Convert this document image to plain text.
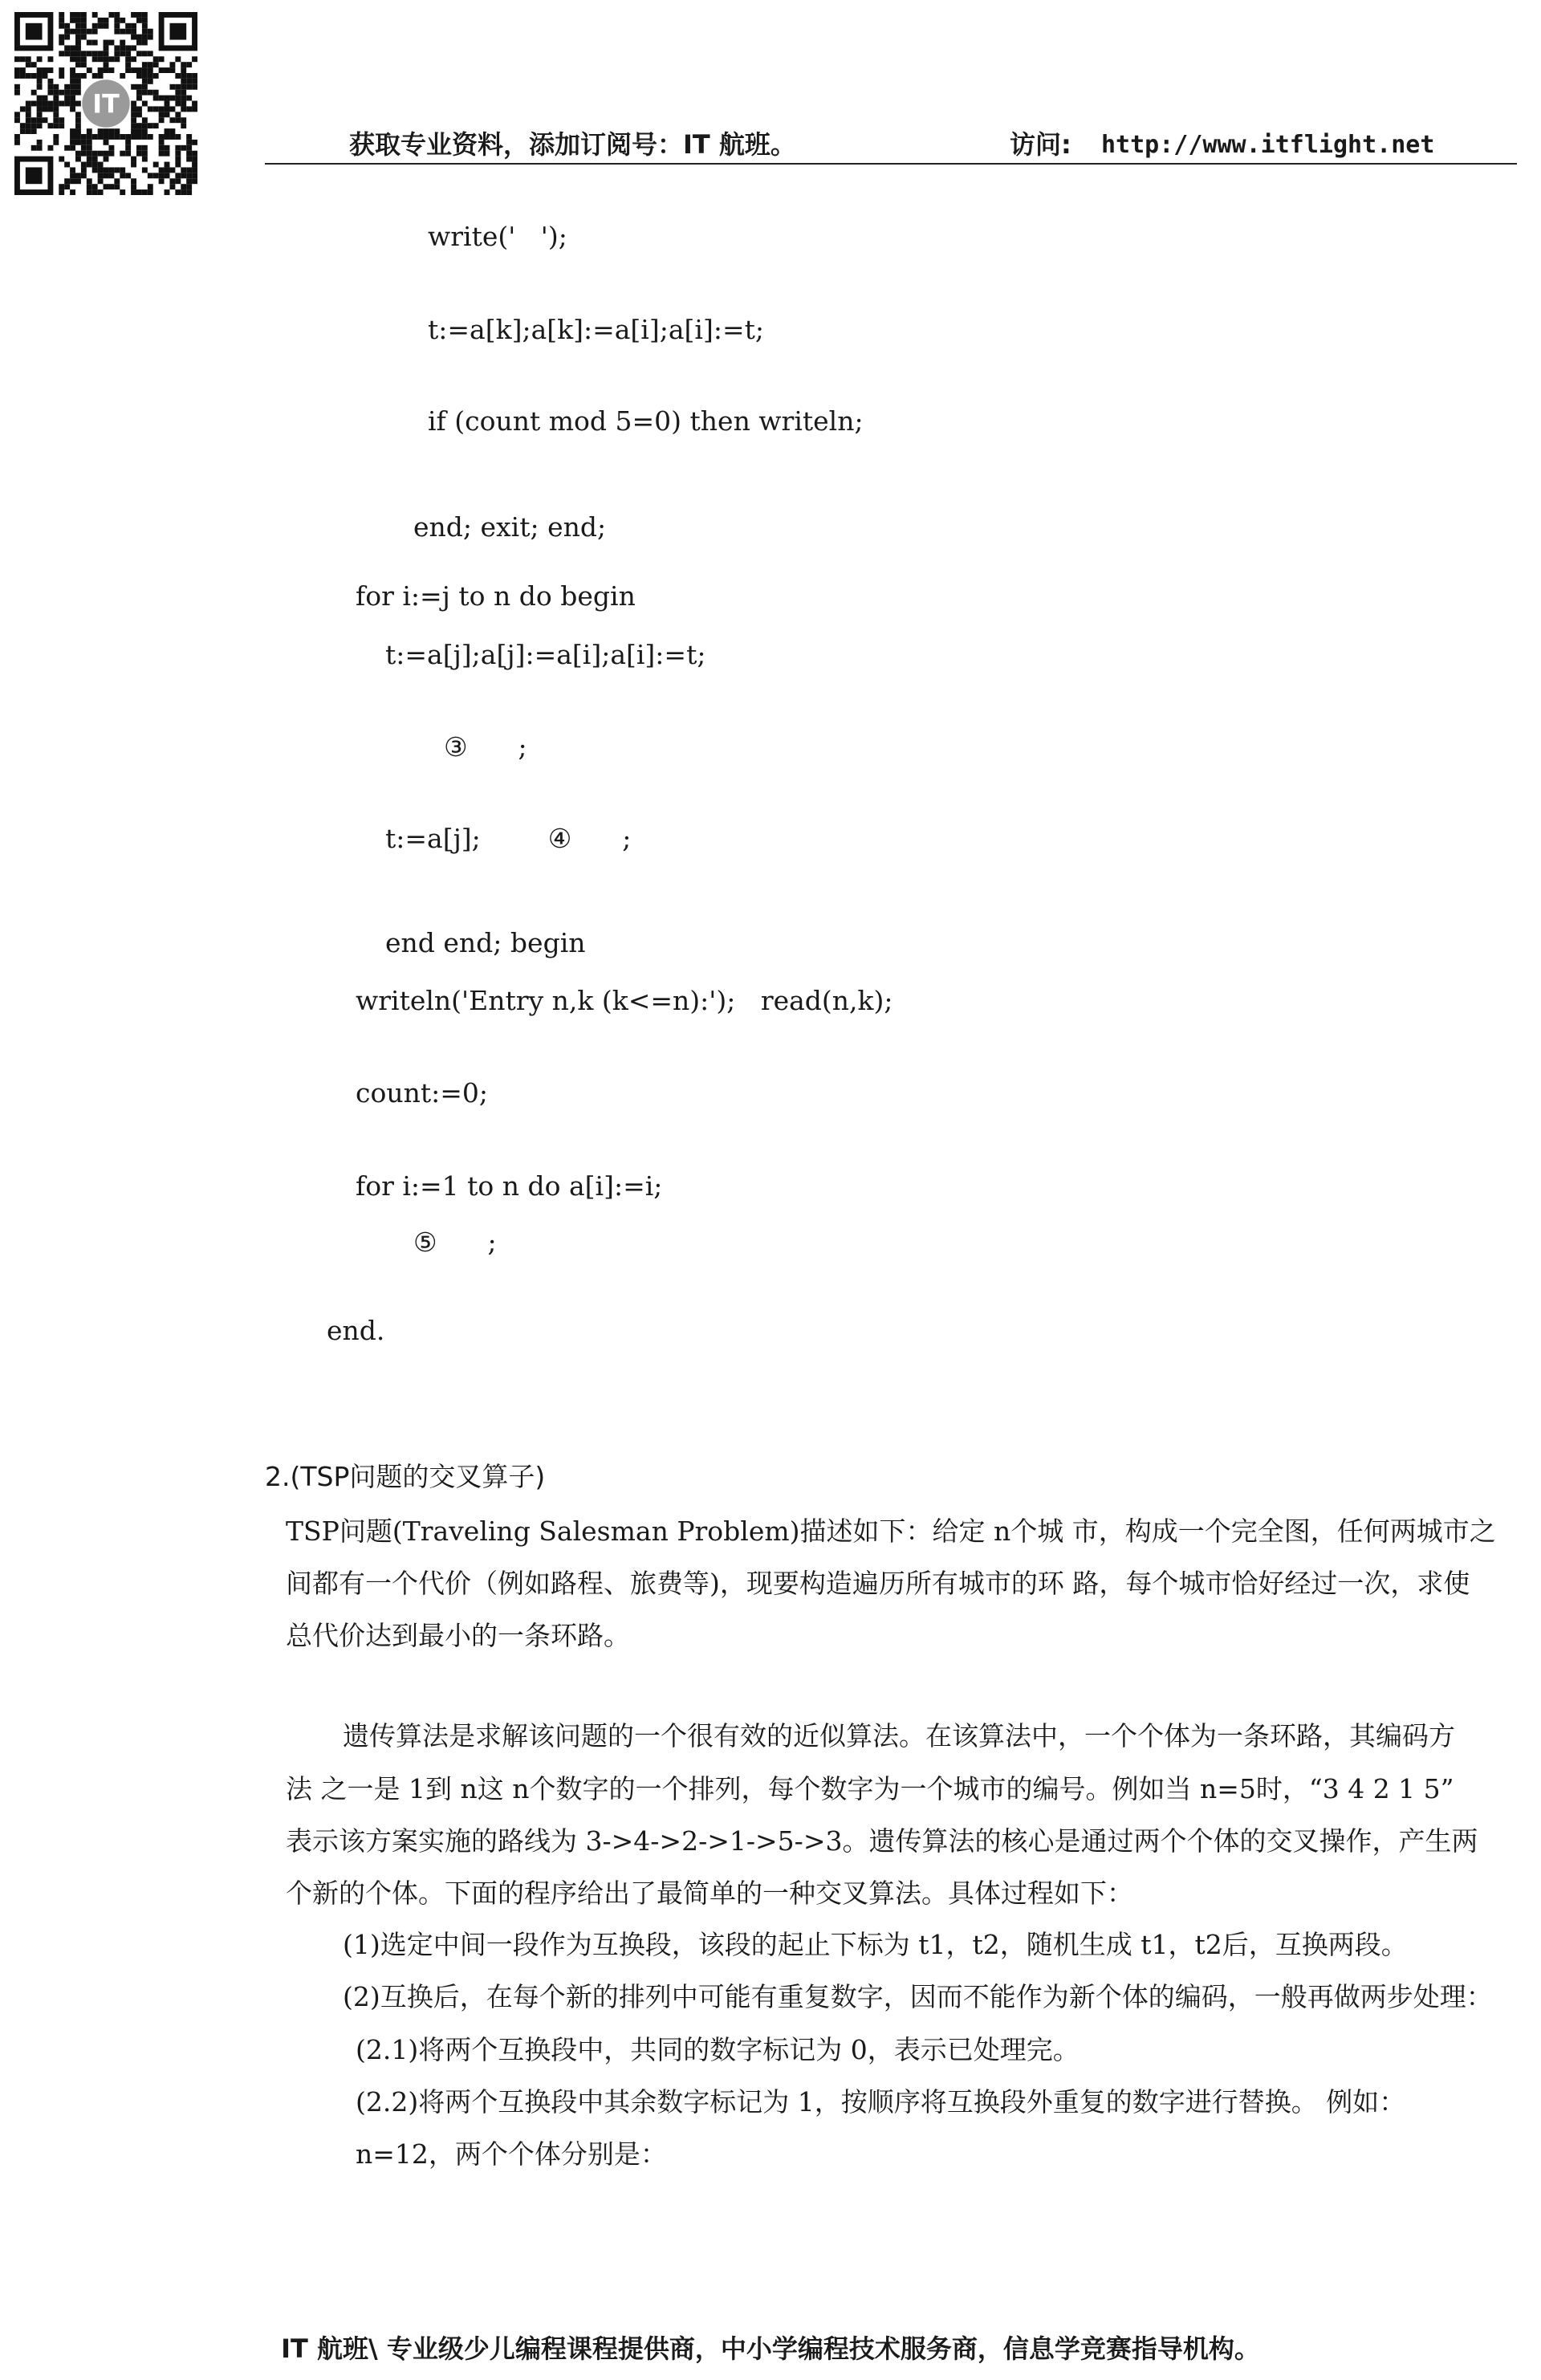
IT
获取专业资料，添加订阅号：IT 航班。	访问: http://www.itflight.net
write('   ');
t:=a[k];a[k]:=a[i];a[i]:=t;
if (count mod 5=0) then writeln;
end; exit; end;
for i:=j to n do begin
t:=a[j];a[j]:=a[i];a[i]:=t;
③      ;
t:=a[j];        ④      ;
end end; begin
writeln('Entry n,k (k<=n):');   read(n,k);
count:=0;
for i:=1 to n do a[i]:=i;
⑤      ;
end.
2.(TSP问题的交叉算子)
TSP问题(Traveling Salesman Problem)描述如下：给定 n个城 市，构成一个完全图，任何两城市之
间都有一个代价（例如路程、旅费等)，现要构造遍历所有城市的环 路，每个城市恰好经过一次，求使
总代价达到最小的一条环路。
遗传算法是求解该问题的一个很有效的近似算法。在该算法中，一个个体为一条环路，其编码方
法 之一是 1到 n这 n个数字的一个排列，每个数字为一个城市的编号。例如当 n=5时，“3 4 2 1 5”
表示该方案实施的路线为 3->4->2->1->5->3。遗传算法的核心是通过两个个体的交叉操作，产生两
个新的个体。下面的程序给出了最简单的一种交叉算法。具体过程如下：
(1)选定中间一段作为互换段，该段的起止下标为 t1，t2，随机生成 t1，t2后，互换两段。
(2)互换后，在每个新的排列中可能有重复数字，因而不能作为新个体的编码，一般再做两步处理：
(2.1)将两个互换段中，共同的数字标记为 0，表示已处理完。
(2.2)将两个互换段中其余数字标记为 1，按顺序将互换段外重复的数字进行替换。 例如：
n=12，两个个体分别是：
IT 航班\ 专业级少儿编程课程提供商，中小学编程技术服务商，信息学竞赛指导机构。
